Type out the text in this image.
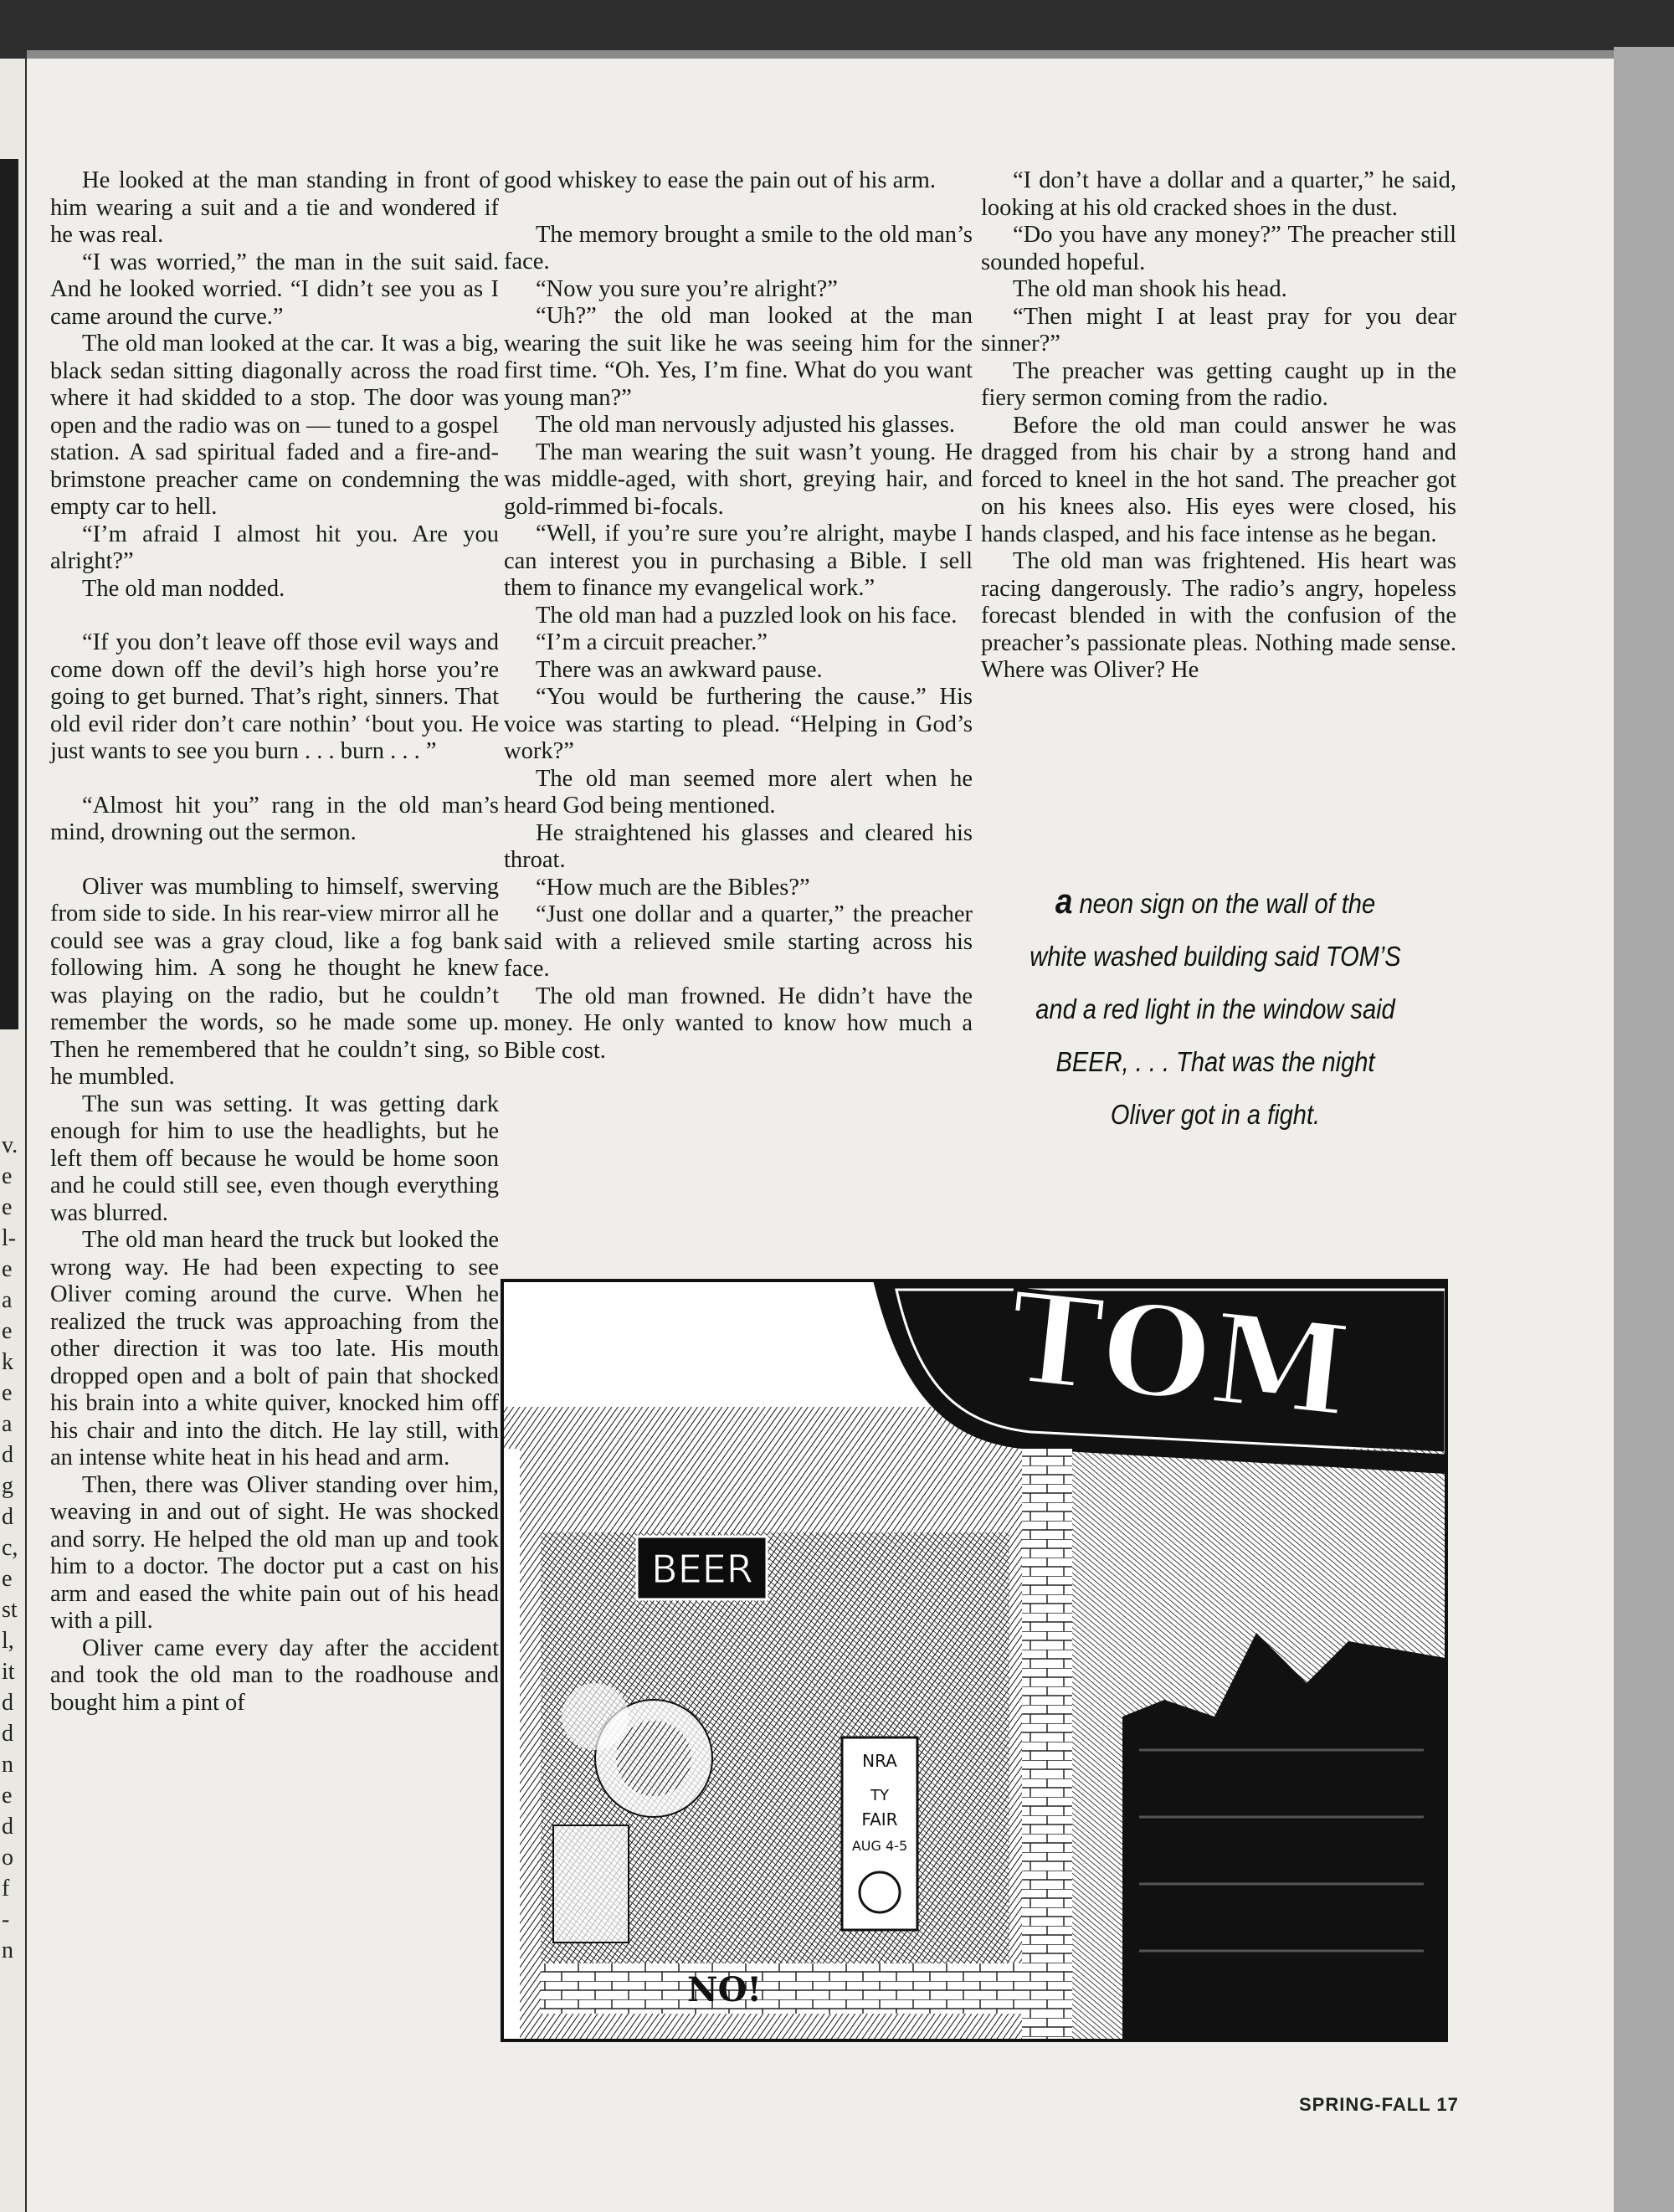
v.
e
e
l-
e
a
e
k
e
a
d
g
d
c,
e
st
l,
it
d
d
n
e
d
o
f
-
n

He looked at the man standing in front of him wearing a suit and a tie and wondered if he was real.

“I was worried,” the man in the suit said. And he looked worried. “I didn’t see you as I came around the curve.”

The old man looked at the car. It was a big, black sedan sitting diagonally across the road where it had skidded to a stop. The door was open and the radio was on — tuned to a gospel station. A sad spiritual faded and a fire-and-brimstone preacher came on condemning the empty car to hell.

“I’m afraid I almost hit you. Are you alright?”

The old man nodded.

“If you don’t leave off those evil ways and come down off the devil’s high horse you’re going to get burned. That’s right, sinners. That old evil rider don’t care nothin’ ‘bout you. He just wants to see you burn . . . burn . . . ”

“Almost hit you” rang in the old man’s mind, drowning out the sermon.

Oliver was mumbling to himself, swerving from side to side. In his rear-view mirror all he could see was a gray cloud, like a fog bank following him. A song he thought he knew was playing on the radio, but he couldn’t remember the words, so he made some up. Then he remembered that he couldn’t sing, so he mumbled.

The sun was setting. It was getting dark enough for him to use the headlights, but he left them off because he would be home soon and he could still see, even though everything was blurred.

The old man heard the truck but looked the wrong way. He had been expecting to see Oliver coming around the curve. When he realized the truck was approaching from the other direction it was too late. His mouth dropped open and a bolt of pain that shocked his brain into a white quiver, knocked him off his chair and into the ditch. He lay still, with an intense white heat in his head and arm.

Then, there was Oliver standing over him, weaving in and out of sight. He was shocked and sorry. He helped the old man up and took him to a doctor. The doctor put a cast on his arm and eased the white pain out of his head with a pill.

Oliver came every day after the accident and took the old man to the roadhouse and bought him a pint of

good whiskey to ease the pain out of his arm.

The memory brought a smile to the old man’s face.

“Now you sure you’re alright?”

“Uh?” the old man looked at the man wearing the suit like he was seeing him for the first time. “Oh. Yes, I’m fine. What do you want young man?”

The old man nervously adjusted his glasses.

The man wearing the suit wasn’t young. He was middle-aged, with short, greying hair, and gold-rimmed bi-focals.

“Well, if you’re sure you’re alright, maybe I can interest you in purchasing a Bible. I sell them to finance my evangelical work.”

The old man had a puzzled look on his face.

“I’m a circuit preacher.”

There was an awkward pause.

“You would be furthering the cause.” His voice was starting to plead. “Helping in God’s work?”

The old man seemed more alert when he heard God being mentioned.

He straightened his glasses and cleared his throat.

“How much are the Bibles?”

“Just one dollar and a quarter,” the preacher said with a relieved smile starting across his face.

The old man frowned. He didn’t have the money. He only wanted to know how much a Bible cost.

“I don’t have a dollar and a quarter,” he said, looking at his old cracked shoes in the dust.

“Do you have any money?” The preacher still sounded hopeful.

The old man shook his head.

“Then might I at least pray for you dear sinner?”

The preacher was getting caught up in the fiery sermon coming from the radio.

Before the old man could answer he was dragged from his chair by a strong hand and forced to kneel in the hot sand. The preacher got on his knees also. His eyes were closed, his hands clasped, and his face intense as he began.

The old man was frightened. His heart was racing dangerously. The radio’s angry, hopeless forecast blended in with the confusion of the preacher’s passionate pleas. Nothing made sense. Where was Oliver? He

a neon sign on the wall of the white washed building said TOM’S and a red light in the window said BEER, . . . That was the night Oliver got in a fight.
TOM
BEER
NRA
TY
FAIR
AUG 4-5
NO!
SPRING-FALL 17
